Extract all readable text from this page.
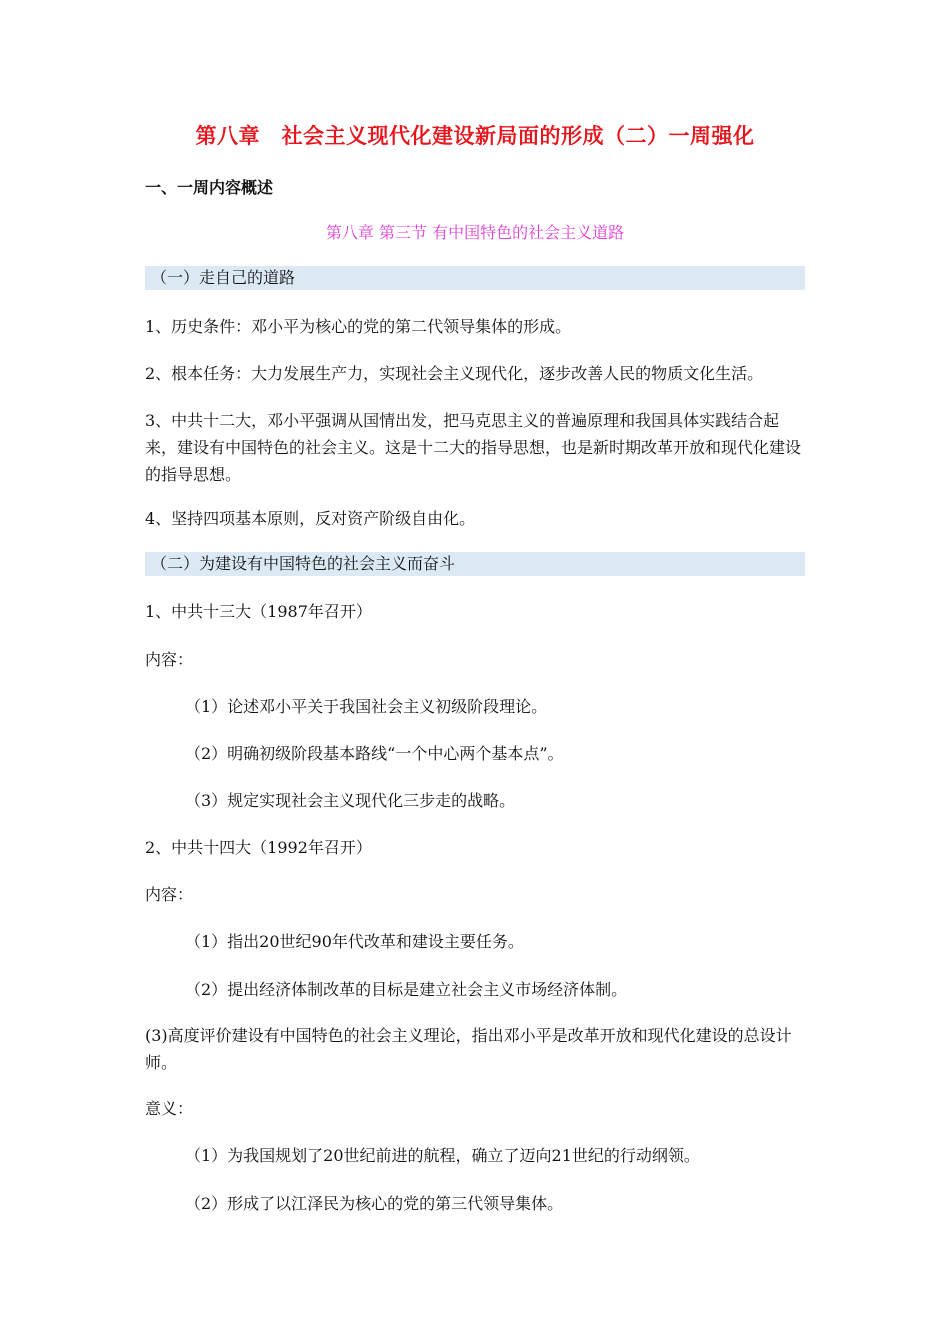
第八章　社会主义现代化建设新局面的形成（二）一周强化
一、一周内容概述
第八章 第三节 有中国特色的社会主义道路
（一）走自己的道路
1、历史条件：邓小平为核心的党的第二代领导集体的形成。
2、根本任务：大力发展生产力，实现社会主义现代化，逐步改善人民的物质文化生活。
3、中共十二大，邓小平强调从国情出发，把马克思主义的普遍原理和我国具体实践结合起来，建设有中国特色的社会主义。这是十二大的指导思想，也是新时期改革开放和现代化建设的指导思想。
4、坚持四项基本原则，反对资产阶级自由化。
（二）为建设有中国特色的社会主义而奋斗
1、中共十三大（1987年召开）
内容：
（1）论述邓小平关于我国社会主义初级阶段理论。
（2）明确初级阶段基本路线“一个中心两个基本点”。
（3）规定实现社会主义现代化三步走的战略。
2、中共十四大（1992年召开）
内容：
（1）指出20世纪90年代改革和建设主要任务。
（2）提出经济体制改革的目标是建立社会主义市场经济体制。
(3)高度评价建设有中国特色的社会主义理论，指出邓小平是改革开放和现代化建设的总设计师。
意义：
（1）为我国规划了20世纪前进的航程，确立了迈向21世纪的行动纲领。
（2）形成了以江泽民为核心的党的第三代领导集体。
